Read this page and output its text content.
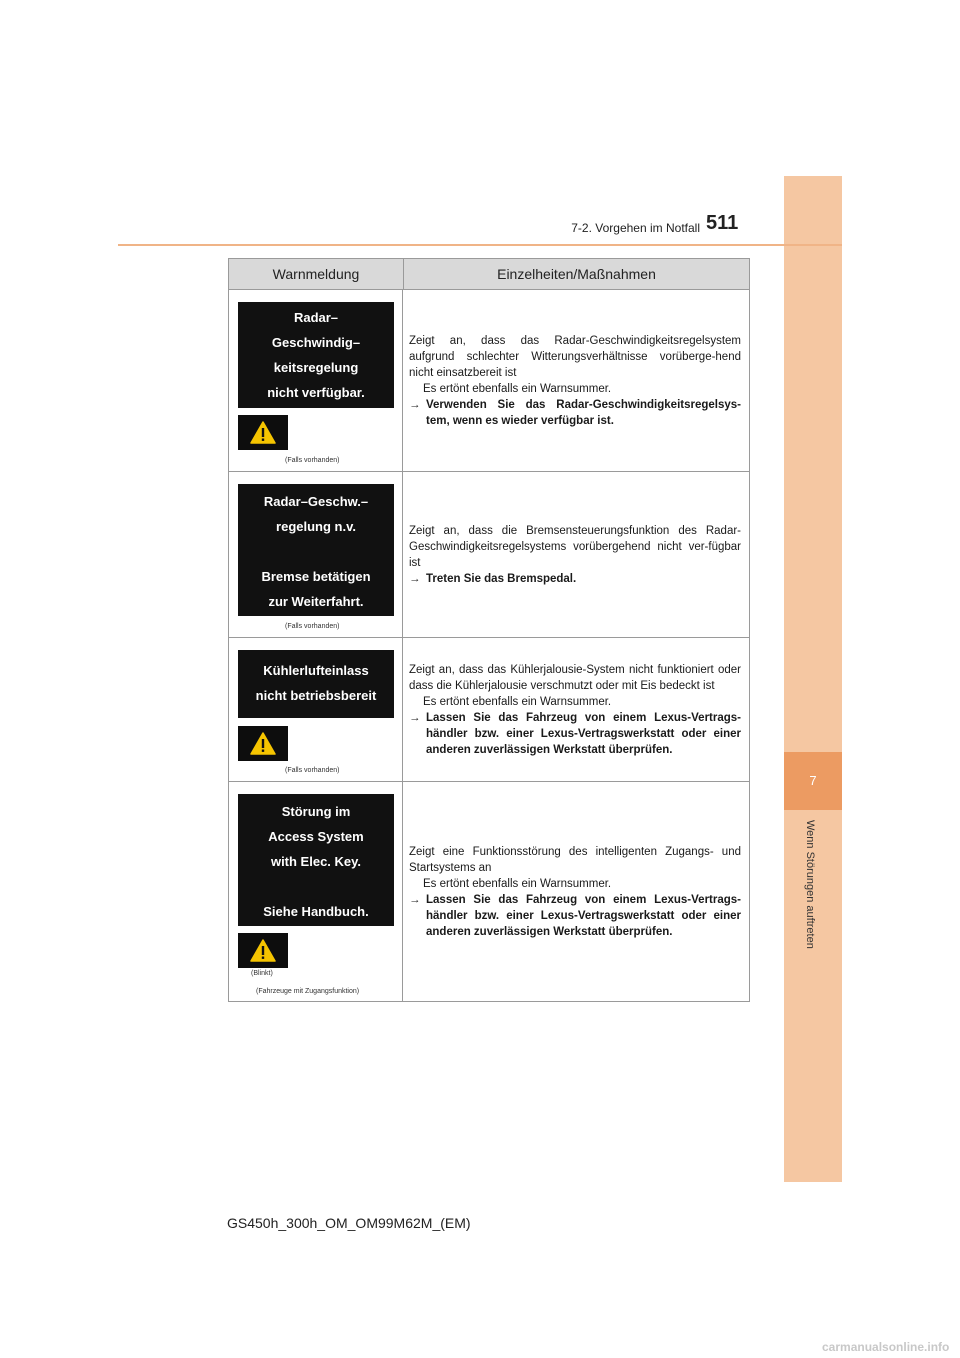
7
Wenn Störungen auftreten
7-2. Vorgehen im Notfall 511
Warnmeldung	Einzelheiten/Maßnahmen
Radar–
Geschwindig–
keitsregelung
nicht verfügbar.
(Falls vorhanden)
Zeigt an, dass das Radar-Geschwindigkeitsregelsystem aufgrund schlechter Witterungsverhältnisse vorüberge-hend nicht einsatzbereit ist
Es ertönt ebenfalls ein Warnsummer.
→ Verwenden Sie das Radar-Geschwindigkeitsregelsys-tem, wenn es wieder verfügbar ist.
Radar–Geschw.–
regelung n.v.

Bremse betätigen
zur Weiterfahrt.
(Falls vorhanden)
Zeigt an, dass die Bremsensteuerungsfunktion des Radar-Geschwindigkeitsregelsystems vorübergehend nicht ver-fügbar ist
→ Treten Sie das Bremspedal.
Kühlerlufteinlass
nicht betriebsbereit
(Falls vorhanden)
Zeigt an, dass das Kühlerjalousie-System nicht funktioniert oder dass die Kühlerjalousie verschmutzt oder mit Eis bedeckt ist
Es ertönt ebenfalls ein Warnsummer.
→ Lassen Sie das Fahrzeug von einem Lexus-Vertrags-händler bzw. einer Lexus-Vertragswerkstatt oder einer anderen zuverlässigen Werkstatt überprüfen.
Störung im
Access System
with Elec. Key.

Siehe Handbuch.
(Blinkt)
(Fahrzeuge mit Zugangsfunktion)
Zeigt eine Funktionsstörung des intelligenten Zugangs- und Startsystems an
Es ertönt ebenfalls ein Warnsummer.
→ Lassen Sie das Fahrzeug von einem Lexus-Vertrags-händler bzw. einer Lexus-Vertragswerkstatt oder einer anderen zuverlässigen Werkstatt überprüfen.
GS450h_300h_OM_OM99M62M_(EM)
carmanualsonline.info
